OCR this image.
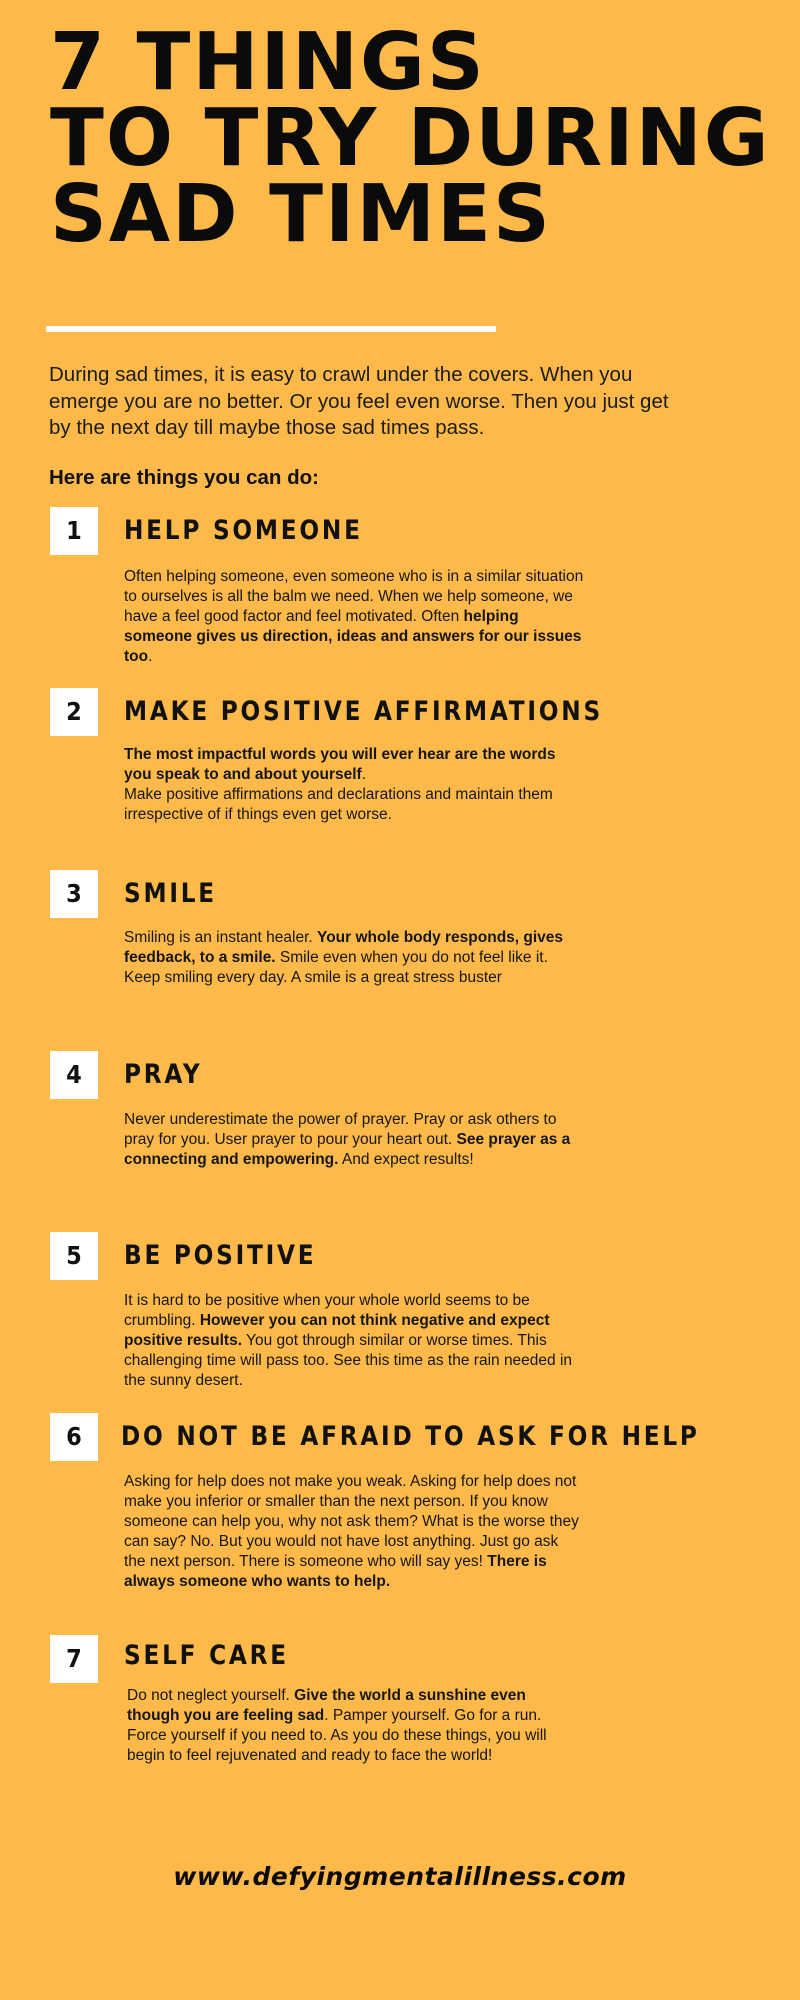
7 THINGS
TO TRY DURING
SAD TIMES

During sad times, it is easy to crawl under the covers. When you emerge you are no better. Or you feel even worse. Then you just get by the next day till maybe those sad times pass.

Here are things you can do:

1	HELP SOMEONE

Often helping someone, even someone who is in a similar situation to ourselves is all the balm we need. When we help someone, we have a feel good factor and feel motivated. Often helping someone gives us direction, ideas and answers for our issues too.

2	MAKE POSITIVE AFFIRMATIONS

The most impactful words you will ever hear are the words you speak to and about yourself.
Make positive affirmations and declarations and maintain them irrespective of if things even get worse.

3	SMILE

Smiling is an instant healer. Your whole body responds, gives feedback, to a smile. Smile even when you do not feel like it. Keep smiling every day. A smile is a great stress buster

4	PRAY

Never underestimate the power of prayer. Pray or ask others to pray for you. User prayer to pour your heart out. See prayer as a connecting and empowering. And expect results!

5	BE POSITIVE

It is hard to be positive when your whole world seems to be crumbling. However you can not think negative and expect positive results. You got through similar or worse times. This challenging time will pass too. See this time as the rain needed in the sunny desert.

6	DO NOT BE AFRAID TO ASK FOR HELP

Asking for help does not make you weak. Asking for help does not make you inferior or smaller than the next person. If you know someone can help you, why not ask them? What is the worse they can say? No. But you would not have lost anything. Just go ask the next person. There is someone who will say yes! There is always someone who wants to help.

7	SELF CARE

Do not neglect yourself. Give the world a sunshine even though you are feeling sad. Pamper yourself. Go for a run. Force yourself if you need to. As you do these things, you will begin to feel rejuvenated and ready to face the world!

www.defyingmentalillness.com
